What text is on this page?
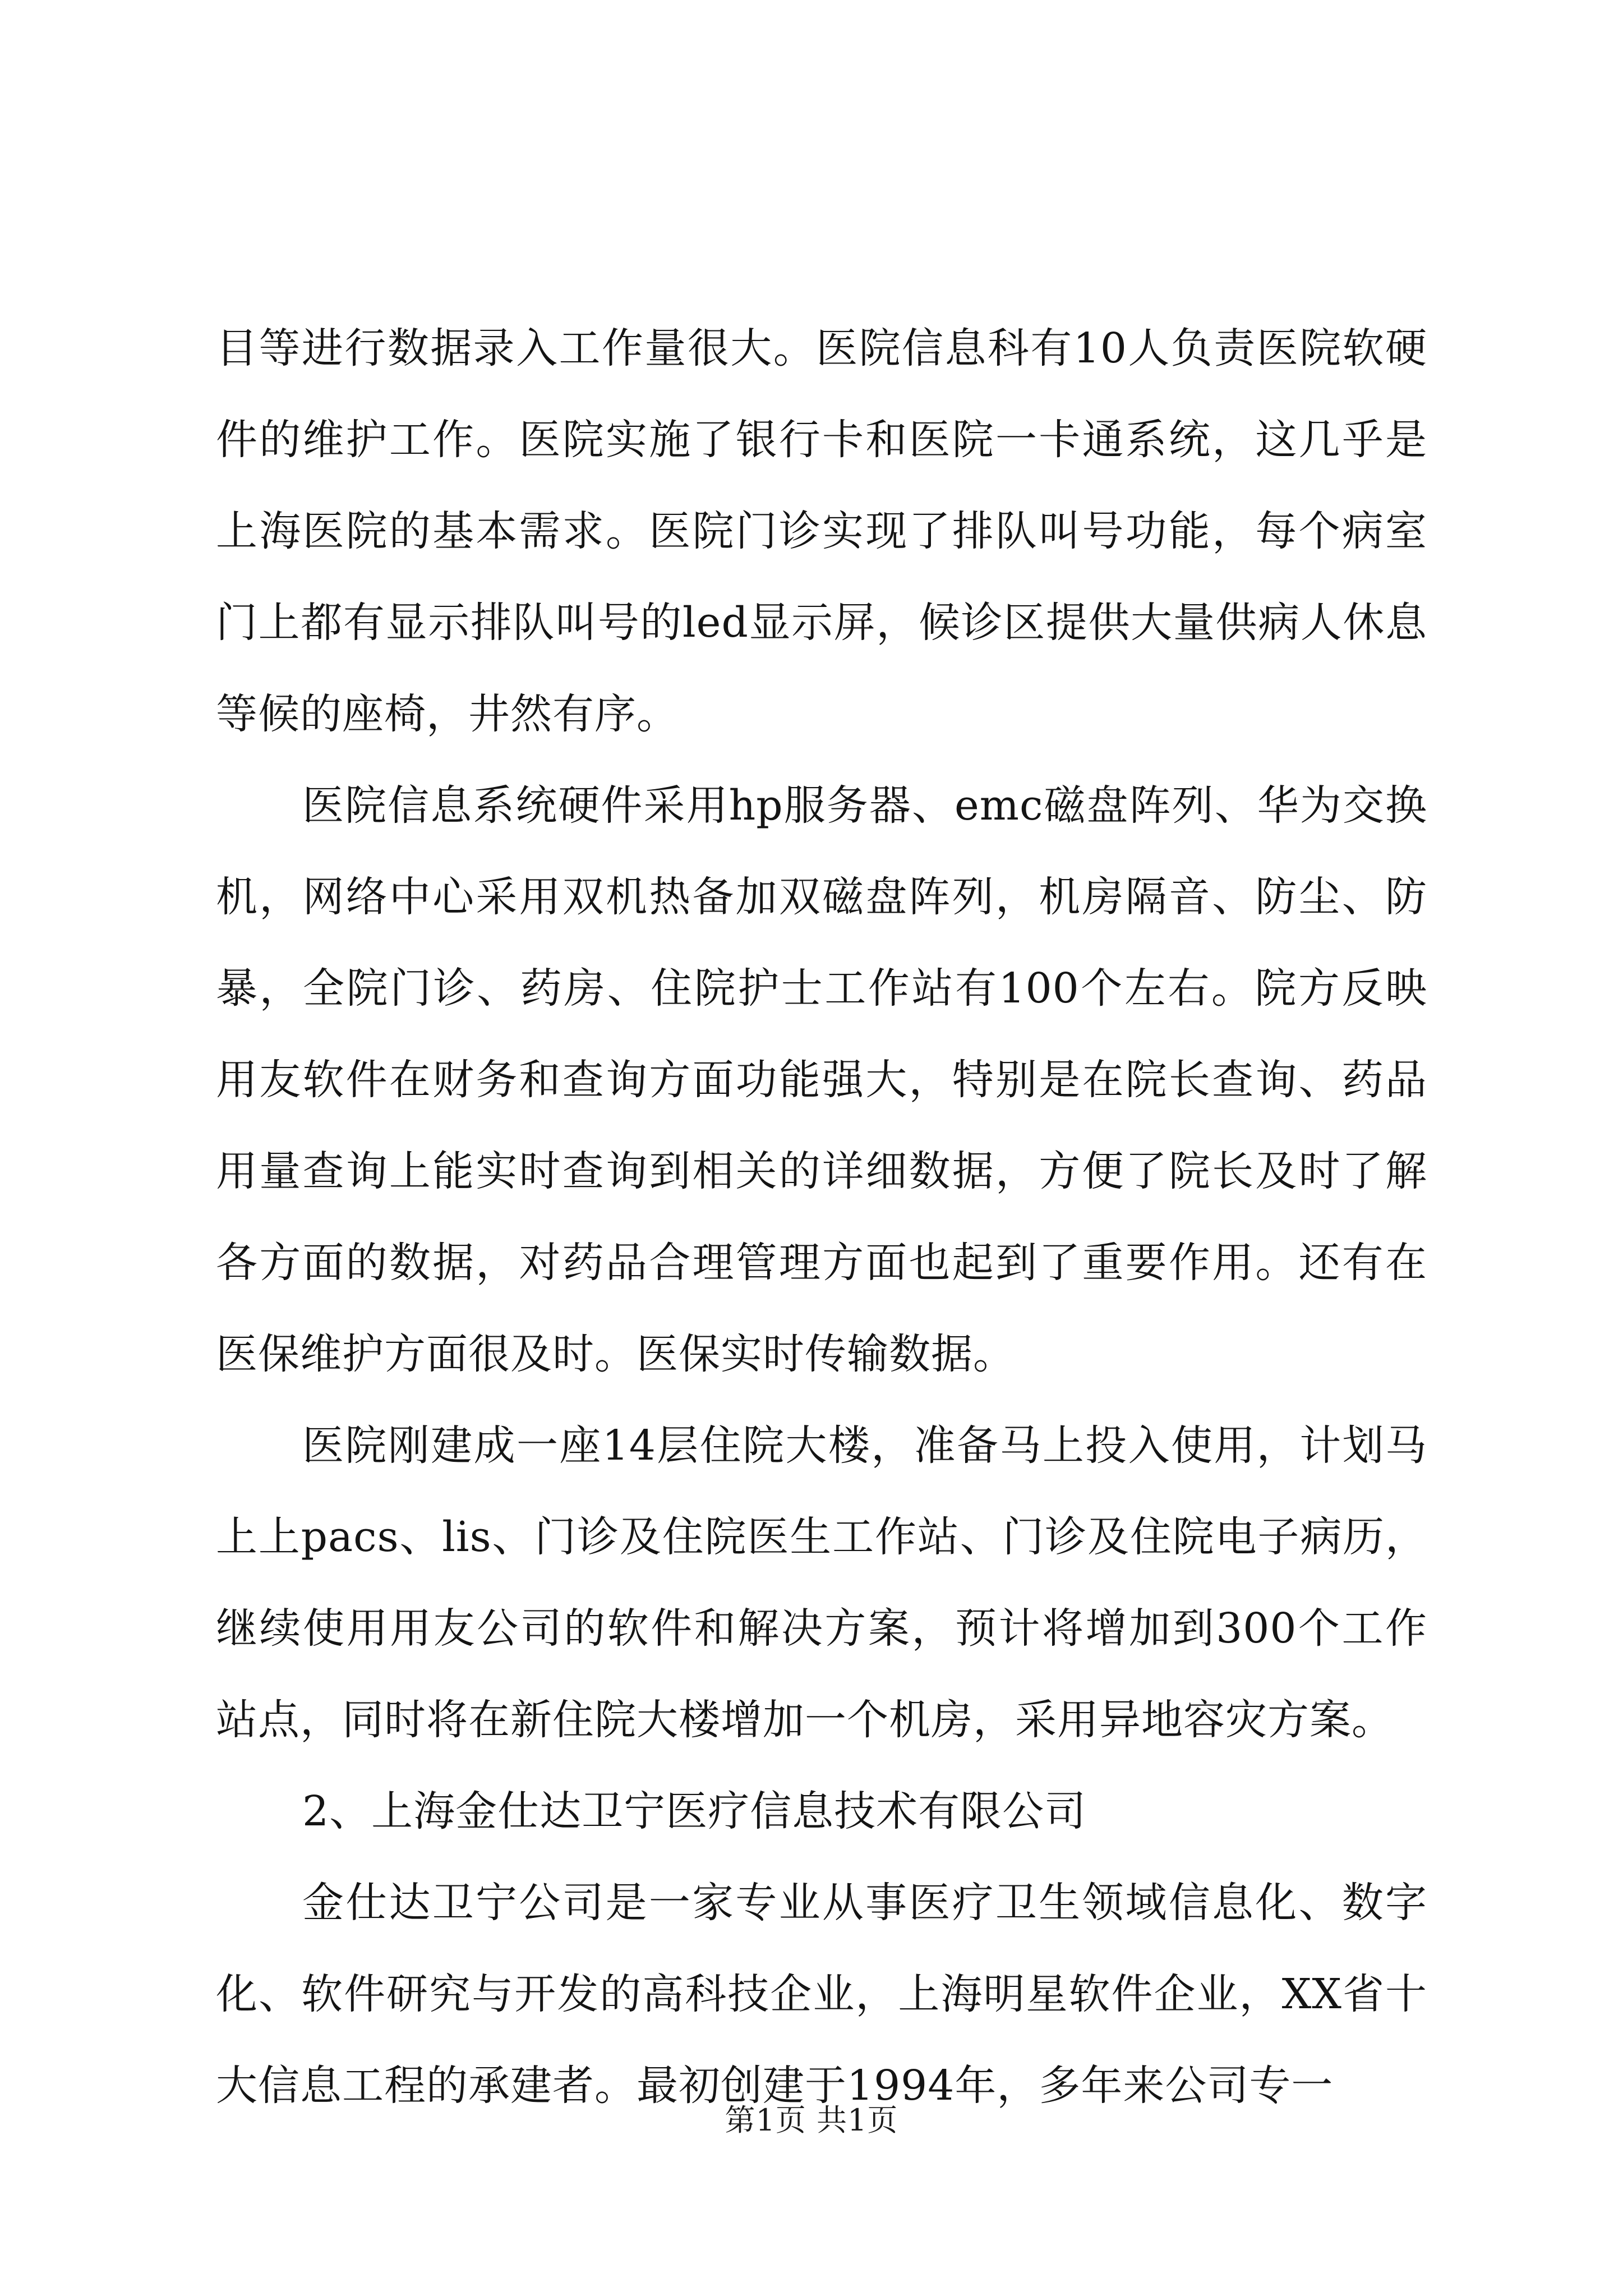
目等进行数据录入工作量很大。医院信息科有10人负责医院软硬件的维护工作。医院实施了银行卡和医院一卡通系统，这几乎是上海医院的基本需求。医院门诊实现了排队叫号功能，每个病室门上都有显示排队叫号的led显示屏，候诊区提供大量供病人休息等候的座椅，井然有序。

医院信息系统硬件采用hp服务器、emc磁盘阵列、华为交换机，网络中心采用双机热备加双磁盘阵列，机房隔音、防尘、防暴，全院门诊、药房、住院护士工作站有100个左右。院方反映用友软件在财务和查询方面功能强大，特别是在院长查询、药品用量查询上能实时查询到相关的详细数据，方便了院长及时了解各方面的数据，对药品合理管理方面也起到了重要作用。还有在医保维护方面很及时。医保实时传输数据。

医院刚建成一座14层住院大楼，准备马上投入使用，计划马上上pacs、lis、门诊及住院医生工作站、门诊及住院电子病历，继续使用用友公司的软件和解决方案，预计将增加到300个工作站点，同时将在新住院大楼增加一个机房，采用异地容灾方案。

2、上海金仕达卫宁医疗信息技术有限公司

金仕达卫宁公司是一家专业从事医疗卫生领域信息化、数字化、软件研究与开发的高科技企业，上海明星软件企业，XX省十大信息工程的承建者。最初创建于1994年，多年来公司专一

第1页 共1页
